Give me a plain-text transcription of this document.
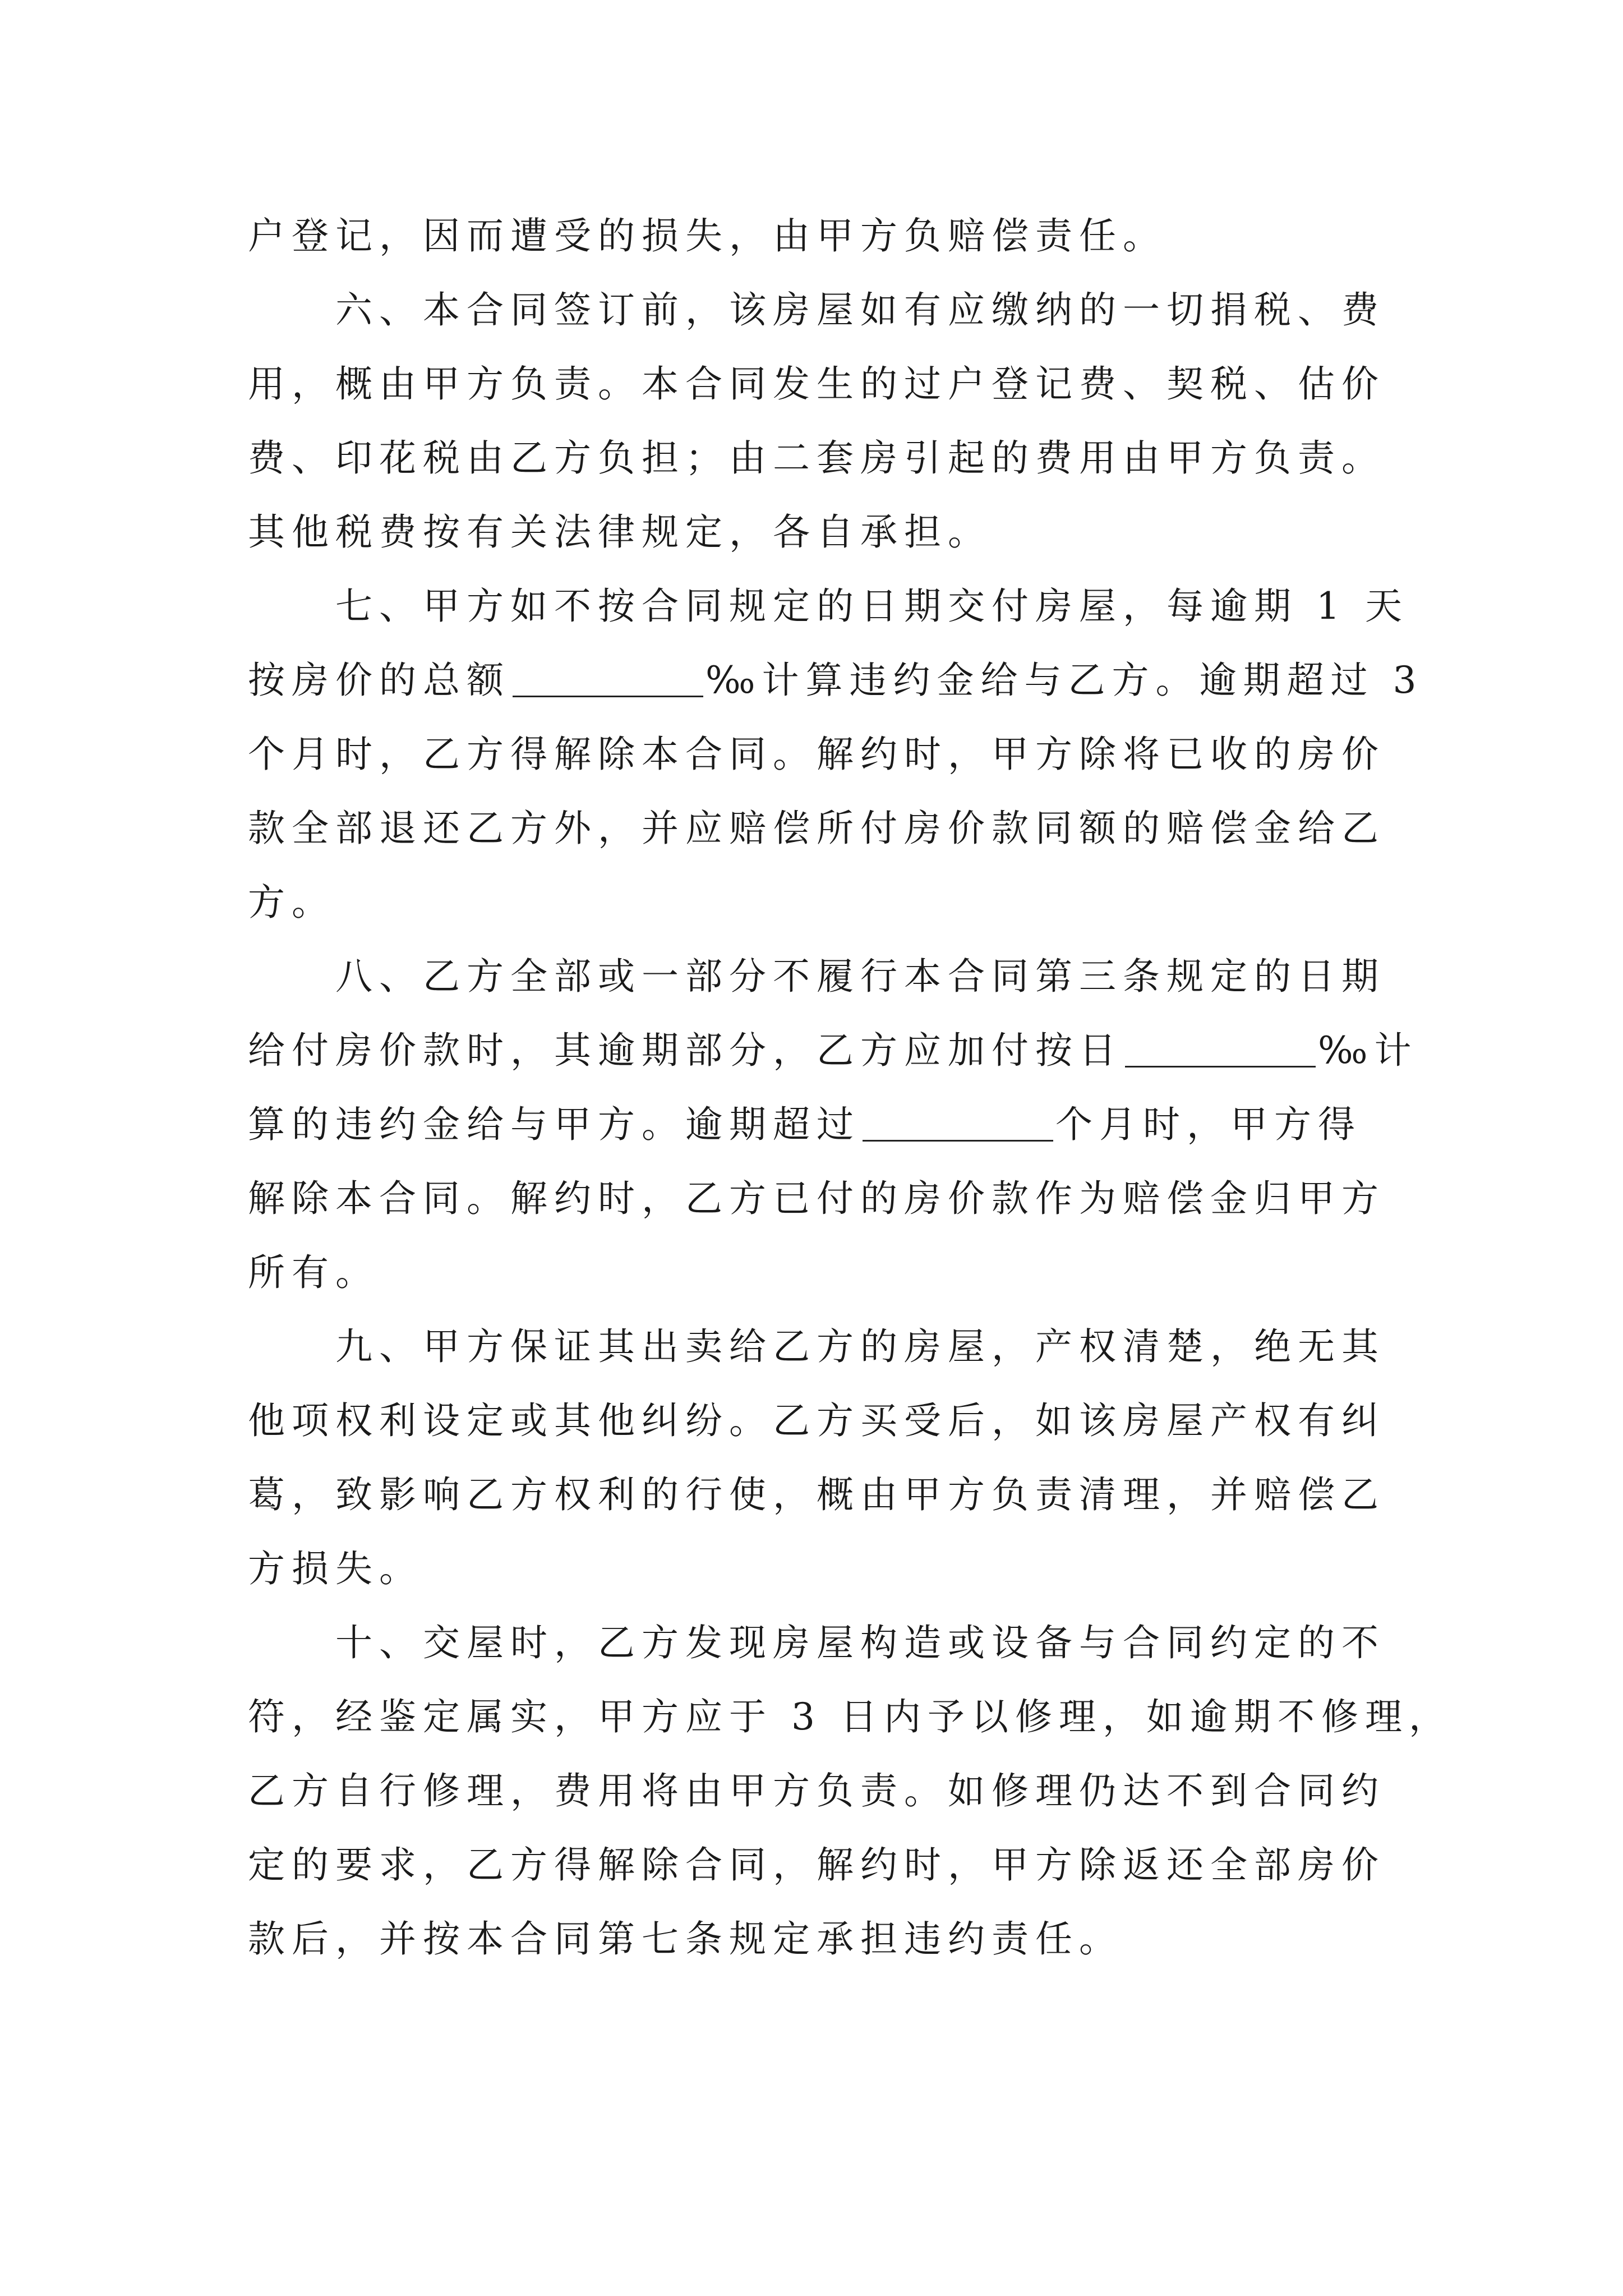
户登记，因而遭受的损失，由甲方负赔偿责任。
六、本合同签订前，该房屋如有应缴纳的一切捐税、费
用，概由甲方负责。本合同发生的过户登记费、契税、估价
费、印花税由乙方负担；由二套房引起的费用由甲方负责。
其他税费按有关法律规定，各自承担。
七、甲方如不按合同规定的日期交付房屋，每逾期 1 天
按房价的总额	‰计算违约金给与乙方。逾期超过 3
个月时，乙方得解除本合同。解约时，甲方除将已收的房价
款全部退还乙方外，并应赔偿所付房价款同额的赔偿金给乙
方。
八、乙方全部或一部分不履行本合同第三条规定的日期
给付房价款时，其逾期部分，乙方应加付按日	‰计
算的违约金给与甲方。逾期超过	个月时，甲方得
解除本合同。解约时，乙方已付的房价款作为赔偿金归甲方
所有。
九、甲方保证其出卖给乙方的房屋，产权清楚，绝无其
他项权利设定或其他纠纷。乙方买受后，如该房屋产权有纠
葛，致影响乙方权利的行使，概由甲方负责清理，并赔偿乙
方损失。
十、交屋时，乙方发现房屋构造或设备与合同约定的不
符，经鉴定属实，甲方应于 3 日内予以修理，如逾期不修理，
乙方自行修理，费用将由甲方负责。如修理仍达不到合同约
定的要求，乙方得解除合同，解约时，甲方除返还全部房价
款后，并按本合同第七条规定承担违约责任。
